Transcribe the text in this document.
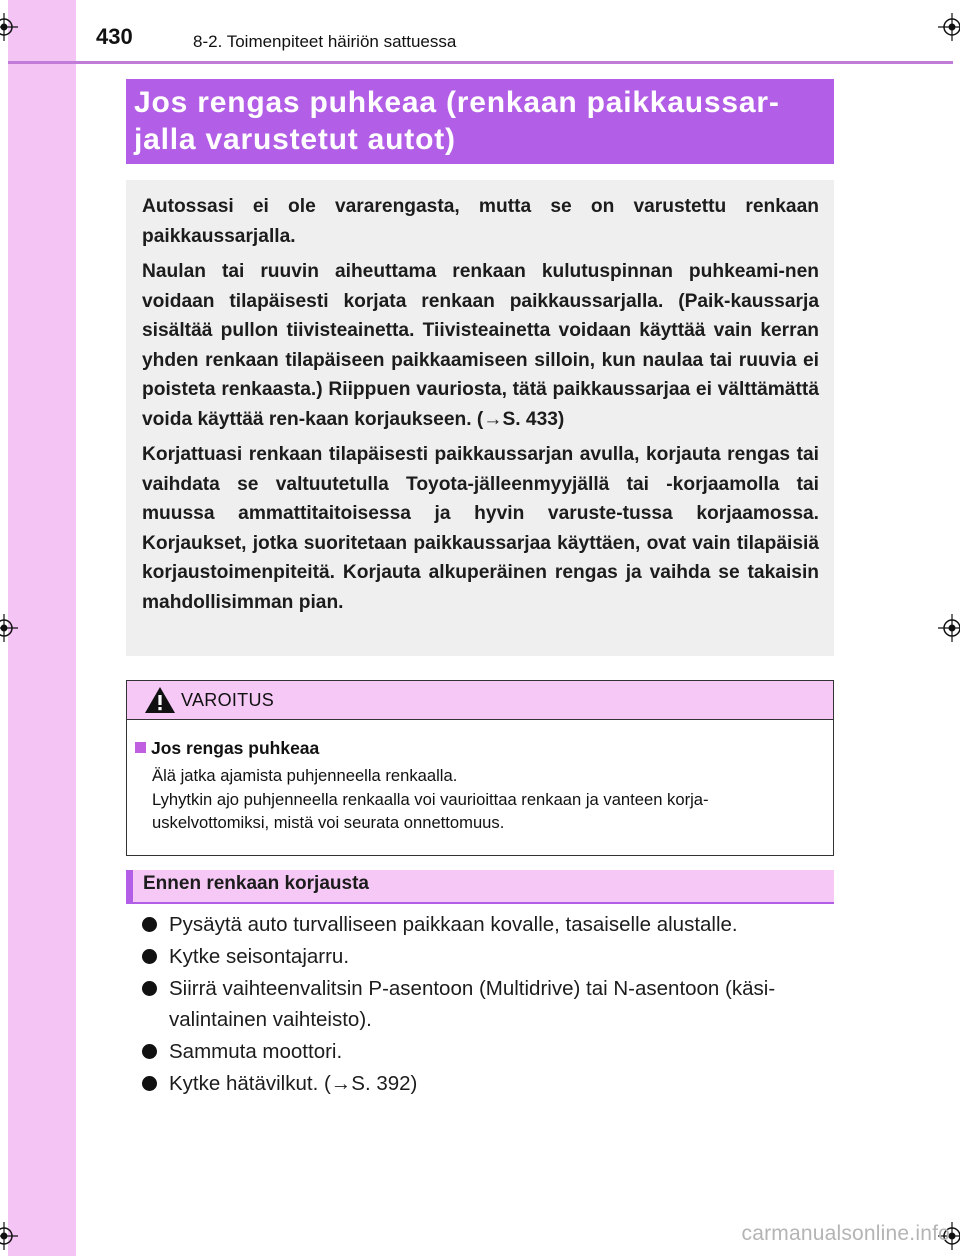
430	8-2. Toimenpiteet häiriön sattuessa
Jos rengas puhkeaa (renkaan paikkaussar-
jalla varustetut autot)

Autossasi ei ole vararengasta, mutta se on varustettu renkaan paikkaussarjalla.

Naulan tai ruuvin aiheuttama renkaan kulutuspinnan puhkeami-nen voidaan tilapäisesti korjata renkaan paikkaussarjalla. (Paik-kaussarja sisältää pullon tiivisteainetta. Tiivisteainetta voidaan käyttää vain kerran yhden renkaan tilapäiseen paikkaamiseen silloin, kun naulaa tai ruuvia ei poisteta renkaasta.) Riippuen vauriosta, tätä paikkaussarjaa ei välttämättä voida käyttää ren-kaan korjaukseen. (→S. 433)

Korjattuasi renkaan tilapäisesti paikkaussarjan avulla, korjauta rengas tai vaihdata se valtuutetulla Toyota-jälleenmyyjällä tai -korjaamolla tai muussa ammattitaitoisessa ja hyvin varuste-tussa korjaamossa. Korjaukset, jotka suoritetaan paikkaussarjaa käyttäen, ovat vain tilapäisiä korjaustoimenpiteitä. Korjauta alkuperäinen rengas ja vaihda se takaisin mahdollisimman pian.

VAROITUS
Jos rengas puhkeaa
Älä jatka ajamista puhjenneella renkaalla.
Lyhytkin ajo puhjenneella renkaalla voi vaurioittaa renkaan ja vanteen korja-
uskelvottomiksi, mistä voi seurata onnettomuus.
Ennen renkaan korjausta
Pysäytä auto turvalliseen paikkaan kovalle, tasaiselle alustalle.
Kytke seisontajarru.
Siirrä vaihteenvalitsin P-asentoon (Multidrive) tai N-asentoon (käsi-valintainen vaihteisto).
Sammuta moottori.
Kytke hätävilkut. (→S. 392)
carmanualsonline.info
